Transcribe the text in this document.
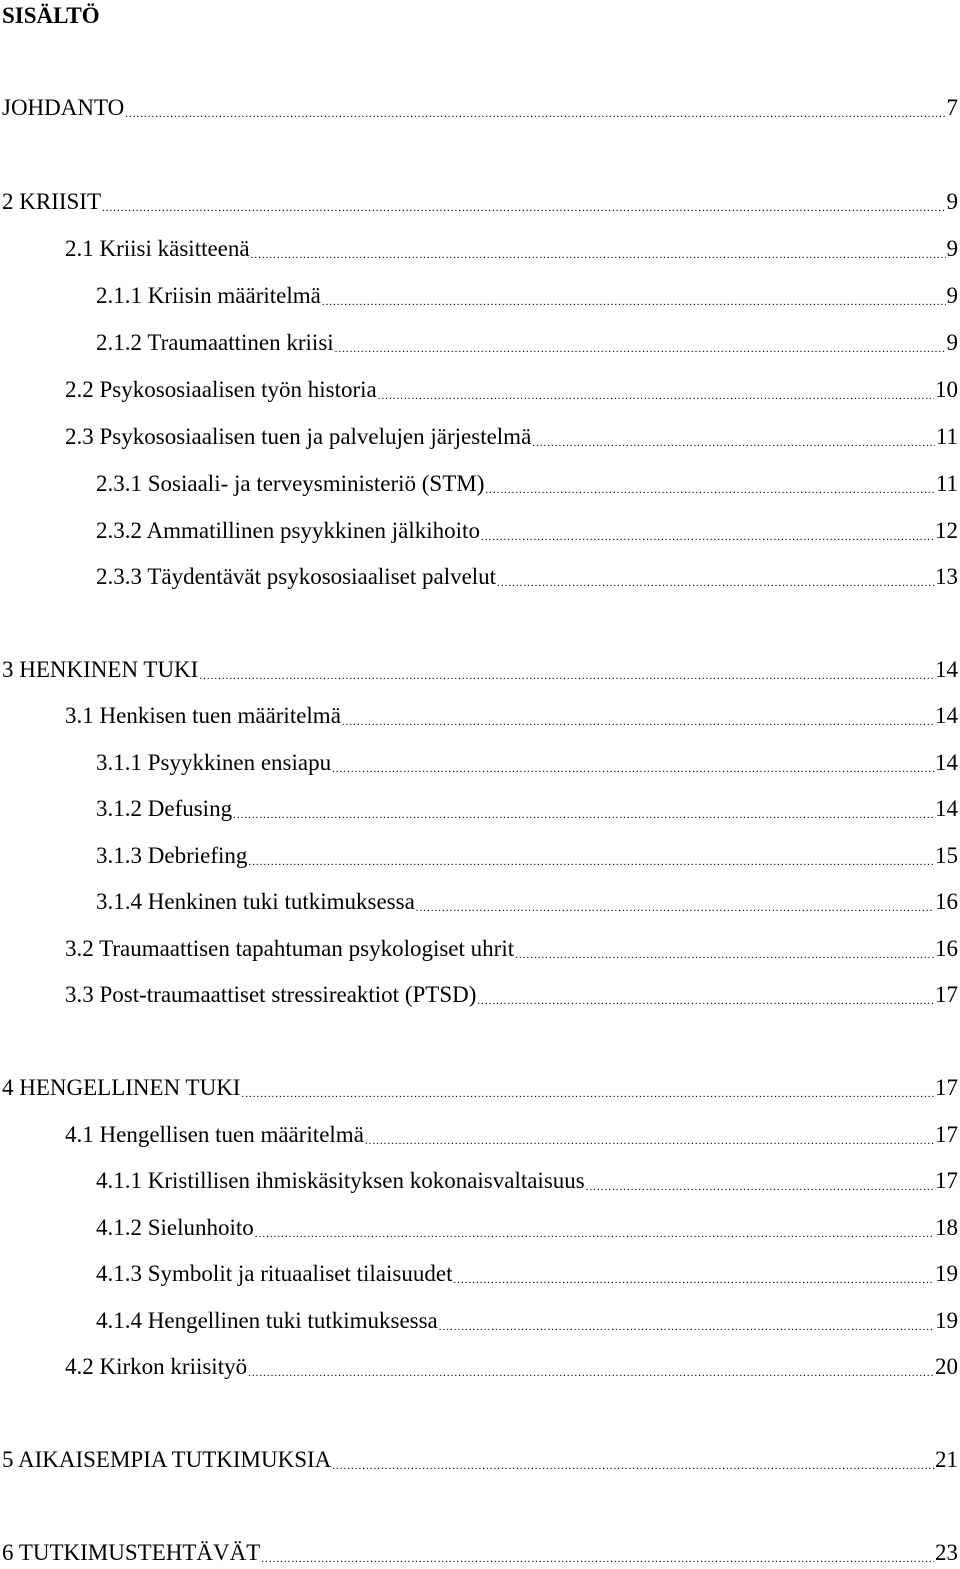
SISÄLTÖ
JOHDANTO .....	7
2 KRIISIT .....	9
2.1 Kriisi käsitteenä .....	9
2.1.1 Kriisin määritelmä .....	9
2.1.2 Traumaattinen kriisi .....	9
2.2 Psykososiaalisen työn historia .....	10
2.3 Psykososiaalisen tuen ja palvelujen järjestelmä .....	11
2.3.1 Sosiaali- ja terveysministeriö (STM) .....	11
2.3.2 Ammatillinen psyykkinen jälkihoito .....	12
2.3.3 Täydentävät psykososiaaliset palvelut .....	13
3 HENKINEN TUKI .....	14
3.1 Henkisen tuen määritelmä .....	14
3.1.1 Psyykkinen ensiapu .....	14
3.1.2 Defusing .....	14
3.1.3 Debriefing .....	15
3.1.4 Henkinen tuki tutkimuksessa .....	16
3.2 Traumaattisen tapahtuman psykologiset uhrit .....	16
3.3 Post-traumaattiset stressireaktiot (PTSD) .....	17
4 HENGELLINEN TUKI .....	17
4.1 Hengellisen tuen määritelmä .....	17
4.1.1 Kristillisen ihmiskäsityksen kokonaisvaltaisuus .....	17
4.1.2 Sielunhoito .....	18
4.1.3 Symbolit ja rituaaliset tilaisuudet .....	19
4.1.4 Hengellinen tuki tutkimuksessa .....	19
4.2 Kirkon kriisityö .....	20
5 AIKAISEMPIA TUTKIMUKSIA .....	21
6 TUTKIMUSTEHTÄVÄT .....	23
